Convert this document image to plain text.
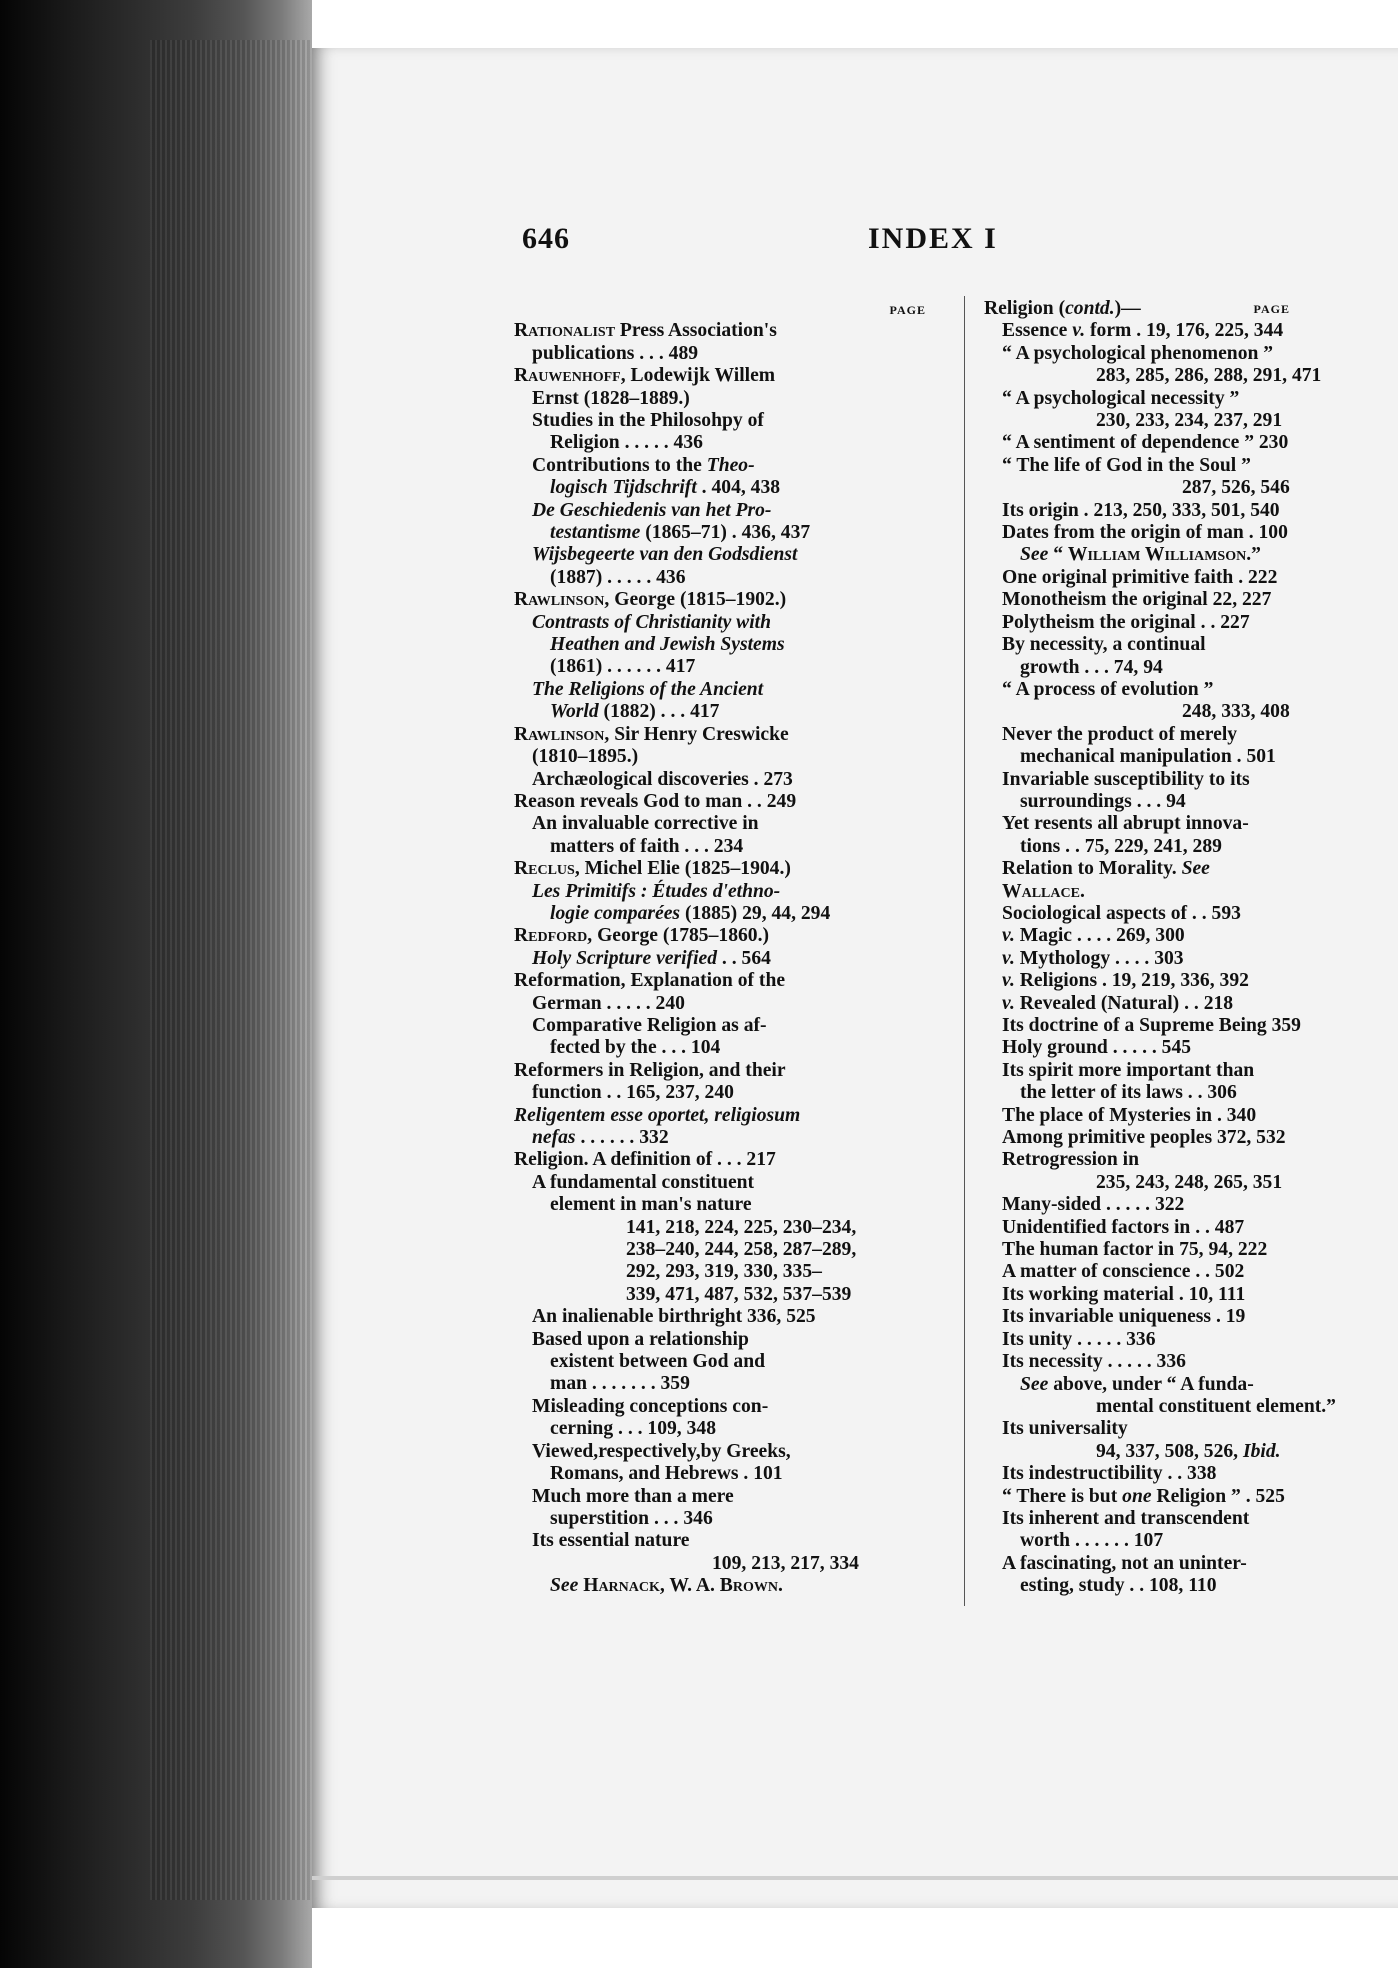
646	INDEX I
PAGE
Rationalist Press Association's
publications . . . 489
Rauwenhoff, Lodewijk Willem
Ernst (1828–1889.)
Studies in the Philosohpy of
Religion . . . . . 436
Contributions to the Theo-
logisch Tijdschrift . 404, 438
De Geschiedenis van het Pro-
testantisme (1865–71) . 436, 437
Wijsbegeerte van den Godsdienst
(1887) . . . . . 436
Rawlinson, George (1815–1902.)
Contrasts of Christianity with
Heathen and Jewish Systems
(1861) . . . . . . 417
The Religions of the Ancient
World (1882) . . . 417
Rawlinson, Sir Henry Creswicke
(1810–1895.)
Archæological discoveries . 273
Reason reveals God to man . . 249
An invaluable corrective in
matters of faith . . . 234
Reclus, Michel Elie (1825–1904.)
Les Primitifs : Études d'ethno-
logie comparées (1885) 29, 44, 294
Redford, George (1785–1860.)
Holy Scripture verified . . 564
Reformation, Explanation of the
German . . . . . 240
Comparative Religion as af-
fected by the . . . 104
Reformers in Religion, and their
function . . 165, 237, 240
Religentem esse oportet, religiosum
nefas . . . . . . 332
Religion. A definition of . . . 217
A fundamental constituent
element in man's nature
141, 218, 224, 225, 230–234,
238–240, 244, 258, 287–289,
292, 293, 319, 330, 335–
339, 471, 487, 532, 537–539
An inalienable birthright 336, 525
Based upon a relationship
existent between God and
man . . . . . . . 359
Misleading conceptions con-
cerning . . . 109, 348
Viewed,respectively,by Greeks,
Romans, and Hebrews . 101
Much more than a mere
superstition . . . 346
Its essential nature
109, 213, 217, 334
See Harnack, W. A. Brown.
Religion (contd.)—	PAGE
Essence v. form . 19, 176, 225, 344
“ A psychological phenomenon ”
283, 285, 286, 288, 291, 471
“ A psychological necessity ”
230, 233, 234, 237, 291
“ A sentiment of dependence ” 230
“ The life of God in the Soul ”
287, 526, 546
Its origin . 213, 250, 333, 501, 540
Dates from the origin of man . 100
See “ William Williamson.”
One original primitive faith . 222
Monotheism the original 22, 227
Polytheism the original . . 227
By necessity, a continual
growth . . . 74, 94
“ A process of evolution ”
248, 333, 408
Never the product of merely
mechanical manipulation . 501
Invariable susceptibility to its
surroundings . . . 94
Yet resents all abrupt innova-
tions . . 75, 229, 241, 289
Relation to Morality. See
Wallace.
Sociological aspects of . . 593
v. Magic . . . . 269, 300
v. Mythology . . . . 303
v. Religions . 19, 219, 336, 392
v. Revealed (Natural) . . 218
Its doctrine of a Supreme Being 359
Holy ground . . . . . 545
Its spirit more important than
the letter of its laws . . 306
The place of Mysteries in . 340
Among primitive peoples 372, 532
Retrogression in
235, 243, 248, 265, 351
Many-sided . . . . . 322
Unidentified factors in . . 487
The human factor in 75, 94, 222
A matter of conscience . . 502
Its working material . 10, 111
Its invariable uniqueness . 19
Its unity . . . . . 336
Its necessity . . . . . 336
See above, under “ A funda-
mental constituent element.”
Its universality
94, 337, 508, 526, Ibid.
Its indestructibility . . 338
“ There is but one Religion ” . 525
Its inherent and transcendent
worth . . . . . . 107
A fascinating, not an uninter-
esting, study . . 108, 110
